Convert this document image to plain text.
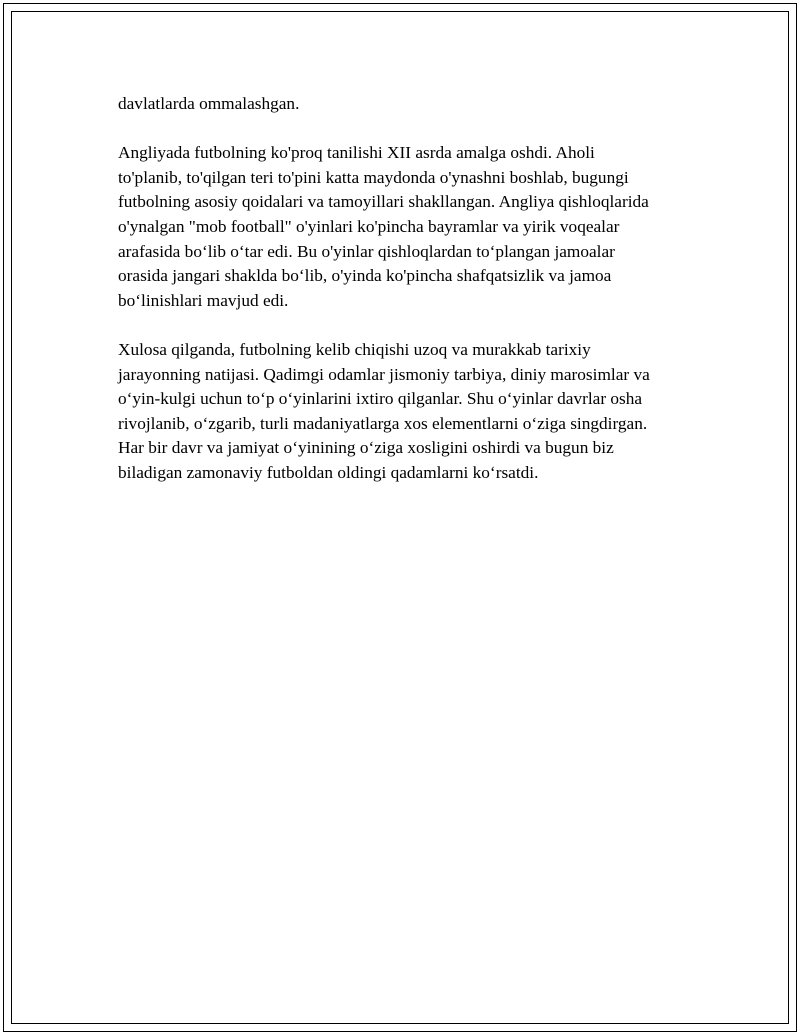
davlatlarda ommalashgan.

Angliyada futbolning ko'proq tanilishi XII asrda amalga oshdi. Aholi
to'planib, to'qilgan teri to'pini katta maydonda o'ynashni boshlab, bugungi
futbolning asosiy qoidalari va tamoyillari shakllangan. Angliya qishloqlarida
o'ynalgan "mob football" o'yinlari ko'pincha bayramlar va yirik voqealar
arafasida bo‘lib o‘tar edi. Bu o'yinlar qishloqlardan to‘plangan jamoalar
orasida jangari shaklda bo‘lib, o'yinda ko'pincha shafqatsizlik va jamoa
bo‘linishlari mavjud edi.

Xulosa qilganda, futbolning kelib chiqishi uzoq va murakkab tarixiy
jarayonning natijasi. Qadimgi odamlar jismoniy tarbiya, diniy marosimlar va
o‘yin-kulgi uchun to‘p o‘yinlarini ixtiro qilganlar. Shu o‘yinlar davrlar osha
rivojlanib, o‘zgarib, turli madaniyatlarga xos elementlarni o‘ziga singdirgan.
Har bir davr va jamiyat o‘yinining o‘ziga xosligini oshirdi va bugun biz
biladigan zamonaviy futboldan oldingi qadamlarni ko‘rsatdi.
